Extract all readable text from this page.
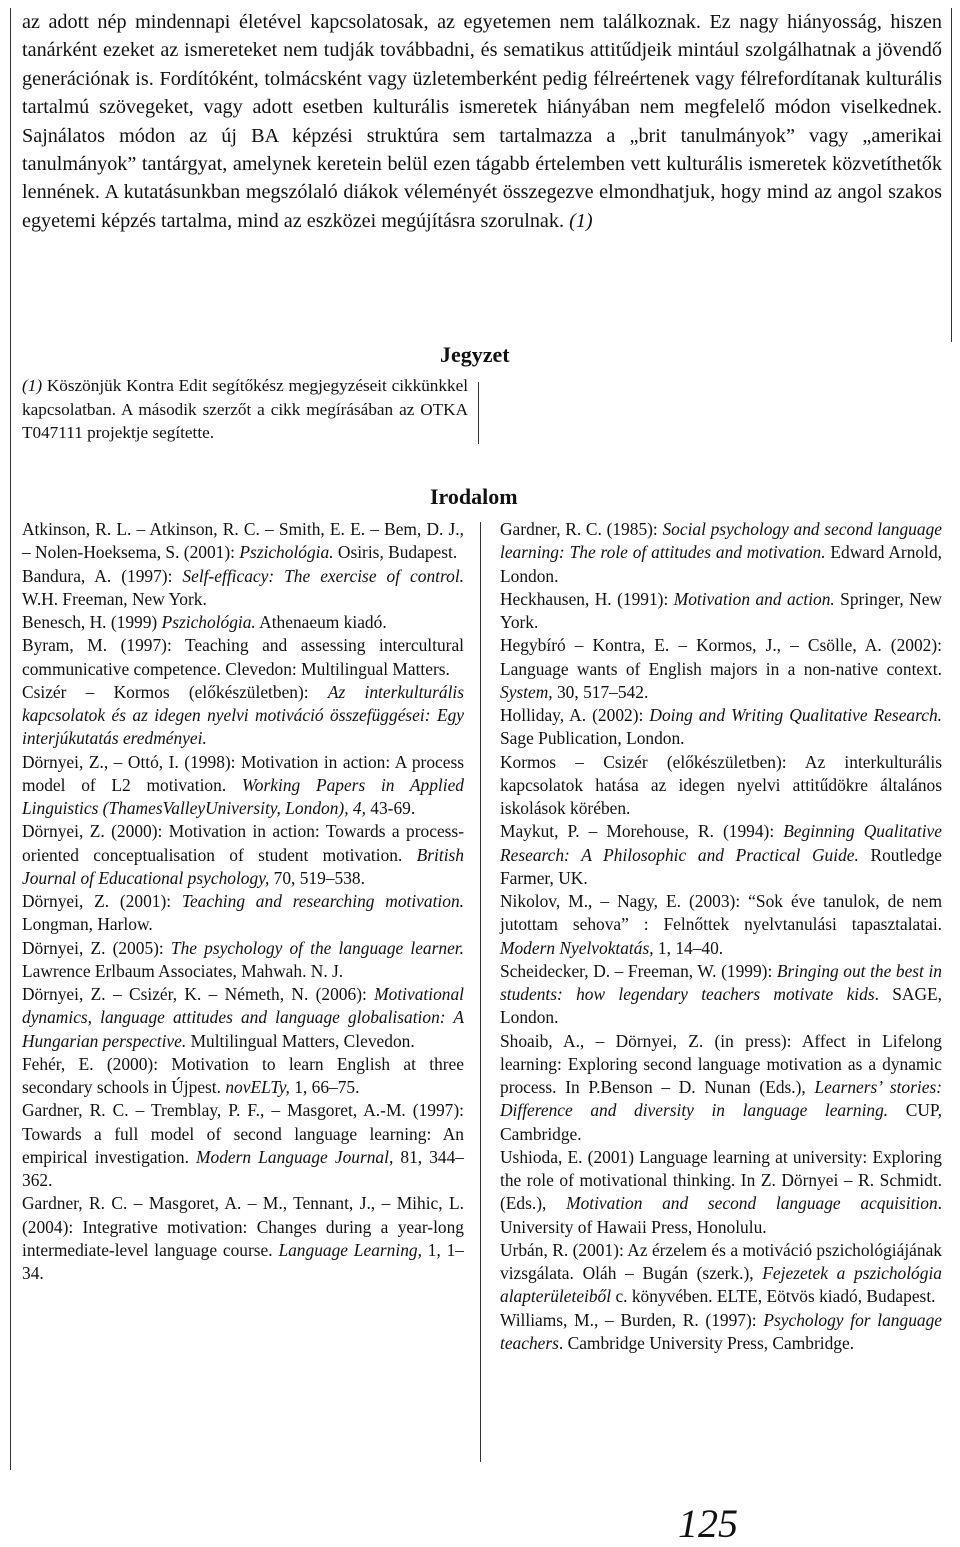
az adott nép mindennapi életével kapcsolatosak, az egyetemen nem találkoznak. Ez nagy hiányosság, hiszen tanárként ezeket az ismereteket nem tudják továbbadni, és sematikus attitűdjeik mintául szolgálhatnak a jövendő generációnak is. Fordítóként, tolmácsként vagy üzletemberként pedig félreértenek vagy félrefordítanak kulturális tartalmú szövegeket, vagy adott esetben kulturális ismeretek hiányában nem megfelelő módon viselkednek. Sajnálatos módon az új BA képzési struktúra sem tartalmazza a „brit tanulmányok” vagy „amerikai tanulmányok” tantárgyat, amelynek keretein belül ezen tágabb értelemben vett kulturális ismeretek közvetíthetők lennének. A kutatásunkban megszólaló diákok véleményét összegezve elmondhatjuk, hogy mind az angol szakos egyetemi képzés tartalma, mind az eszközei megújításra szorulnak. (1)

Jegyzet

(1) Köszönjük Kontra Edit segítőkész megjegyzéseit cikkünkkel kapcsolatban. A második szerzőt a cikk megírásában az OTKA T047111 projektje segítette.

Irodalom

Atkinson, R. L. – Atkinson, R. C. – Smith, E. E. – Bem, D. J., – Nolen-Hoeksema, S. (2001): Pszichológia. Osiris, Budapest.

Bandura, A. (1997): Self-efficacy: The exercise of control. W.H. Freeman, New York.

Benesch, H. (1999) Pszichológia. Athenaeum kiadó.

Byram, M. (1997): Teaching and assessing intercultural communicative competence. Clevedon: Multilingual Matters.

Csizér – Kormos (előkészületben): Az interkulturális kapcsolatok és az idegen nyelvi motiváció összefüggései: Egy interjúkutatás eredményei.

Dörnyei, Z., – Ottó, I. (1998): Motivation in action: A process model of L2 motivation. Working Papers in Applied Linguistics (ThamesValleyUniversity, London), 4, 43-69.

Dörnyei, Z. (2000): Motivation in action: Towards a process-oriented conceptualisation of student motivation. British Journal of Educational psychology, 70, 519–538.

Dörnyei, Z. (2001): Teaching and researching motivation. Longman, Harlow.

Dörnyei, Z. (2005): The psychology of the language learner. Lawrence Erlbaum Associates, Mahwah. N. J.

Dörnyei, Z. – Csizér, K. – Németh, N. (2006): Motivational dynamics, language attitudes and language globalisation: A Hungarian perspective. Multilingual Matters, Clevedon.

Fehér, E. (2000): Motivation to learn English at three secondary schools in Újpest. novELTy, 1, 66–75.

Gardner, R. C. – Tremblay, P. F., – Masgoret, A.-M. (1997): Towards a full model of second language learning: An empirical investigation. Modern Language Journal, 81, 344–362.

Gardner, R. C. – Masgoret, A. – M., Tennant, J., – Mihic, L. (2004): Integrative motivation: Changes during a year-long intermediate-level language course. Language Learning, 1, 1–34.

Gardner, R. C. (1985): Social psychology and second language learning: The role of attitudes and motivation. Edward Arnold, London.

Heckhausen, H. (1991): Motivation and action. Springer, New York.

Hegybíró – Kontra, E. – Kormos, J., – Csölle, A. (2002): Language wants of English majors in a non-native context. System, 30, 517–542.

Holliday, A. (2002): Doing and Writing Qualitative Research. Sage Publication, London.

Kormos – Csizér (előkészületben): Az interkulturális kapcsolatok hatása az idegen nyelvi attitűdökre általános iskolások körében.

Maykut, P. – Morehouse, R. (1994): Beginning Qualitative Research: A Philosophic and Practical Guide. Routledge Farmer, UK.

Nikolov, M., – Nagy, E. (2003): “Sok éve tanulok, de nem jutottam sehova” : Felnőttek nyelvtanulási tapasztalatai. Modern Nyelvoktatás, 1, 14–40.

Scheidecker, D. – Freeman, W. (1999): Bringing out the best in students: how legendary teachers motivate kids. SAGE, London.

Shoaib, A., – Dörnyei, Z. (in press): Affect in Lifelong learning: Exploring second language motivation as a dynamic process. In P.Benson – D. Nunan (Eds.), Learners’ stories: Difference and diversity in language learning. CUP, Cambridge.

Ushioda, E. (2001) Language learning at university: Exploring the role of motivational thinking. In Z. Dörnyei – R. Schmidt. (Eds.), Motivation and second language acquisition. University of Hawaii Press, Honolulu.

Urbán, R. (2001): Az érzelem és a motiváció pszichológiájának vizsgálata. Oláh – Bugán (szerk.), Fejezetek a pszichológia alapterületeiből c. könyvében. ELTE, Eötvös kiadó, Budapest.

Williams, M., – Burden, R. (1997): Psychology for language teachers. Cambridge University Press, Cambridge.

125
